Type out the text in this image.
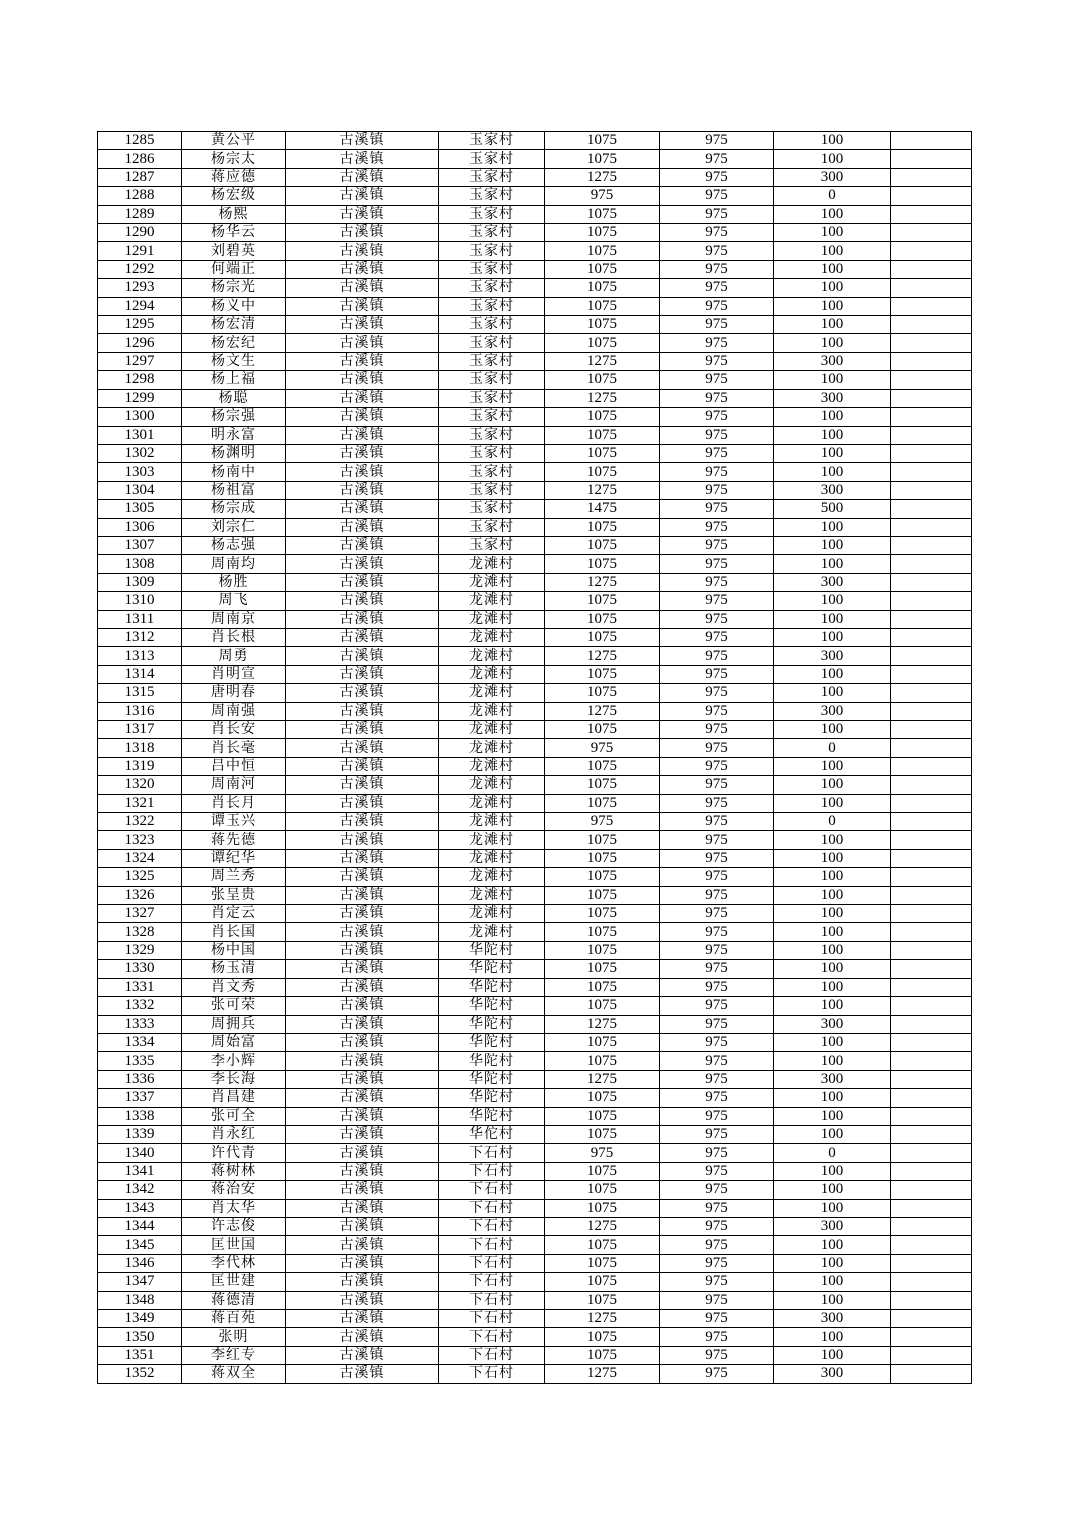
1285	黄公平	古溪镇	玉家村	1075	975	100	
1286	杨宗太	古溪镇	玉家村	1075	975	100	
1287	蒋应德	古溪镇	玉家村	1275	975	300	
1288	杨宏级	古溪镇	玉家村	975	975	0	
1289	杨熙	古溪镇	玉家村	1075	975	100	
1290	杨华云	古溪镇	玉家村	1075	975	100	
1291	刘碧英	古溪镇	玉家村	1075	975	100	
1292	何端正	古溪镇	玉家村	1075	975	100	
1293	杨宗光	古溪镇	玉家村	1075	975	100	
1294	杨义中	古溪镇	玉家村	1075	975	100	
1295	杨宏清	古溪镇	玉家村	1075	975	100	
1296	杨宏纪	古溪镇	玉家村	1075	975	100	
1297	杨文生	古溪镇	玉家村	1275	975	300	
1298	杨上福	古溪镇	玉家村	1075	975	100	
1299	杨聪	古溪镇	玉家村	1275	975	300	
1300	杨宗强	古溪镇	玉家村	1075	975	100	
1301	明永富	古溪镇	玉家村	1075	975	100	
1302	杨渊明	古溪镇	玉家村	1075	975	100	
1303	杨南中	古溪镇	玉家村	1075	975	100	
1304	杨祖富	古溪镇	玉家村	1275	975	300	
1305	杨宗成	古溪镇	玉家村	1475	975	500	
1306	刘宗仁	古溪镇	玉家村	1075	975	100	
1307	杨志强	古溪镇	玉家村	1075	975	100	
1308	周南均	古溪镇	龙滩村	1075	975	100	
1309	杨胜	古溪镇	龙滩村	1275	975	300	
1310	周飞	古溪镇	龙滩村	1075	975	100	
1311	周南京	古溪镇	龙滩村	1075	975	100	
1312	肖长根	古溪镇	龙滩村	1075	975	100	
1313	周勇	古溪镇	龙滩村	1275	975	300	
1314	肖明宣	古溪镇	龙滩村	1075	975	100	
1315	唐明春	古溪镇	龙滩村	1075	975	100	
1316	周南强	古溪镇	龙滩村	1275	975	300	
1317	肖长安	古溪镇	龙滩村	1075	975	100	
1318	肖长毫	古溪镇	龙滩村	975	975	0	
1319	吕中恒	古溪镇	龙滩村	1075	975	100	
1320	周南河	古溪镇	龙滩村	1075	975	100	
1321	肖长月	古溪镇	龙滩村	1075	975	100	
1322	谭玉兴	古溪镇	龙滩村	975	975	0	
1323	蒋先德	古溪镇	龙滩村	1075	975	100	
1324	谭纪华	古溪镇	龙滩村	1075	975	100	
1325	周兰秀	古溪镇	龙滩村	1075	975	100	
1326	张呈贵	古溪镇	龙滩村	1075	975	100	
1327	肖定云	古溪镇	龙滩村	1075	975	100	
1328	肖长国	古溪镇	龙滩村	1075	975	100	
1329	杨中国	古溪镇	华陀村	1075	975	100	
1330	杨玉清	古溪镇	华陀村	1075	975	100	
1331	肖文秀	古溪镇	华陀村	1075	975	100	
1332	张可荣	古溪镇	华陀村	1075	975	100	
1333	周拥兵	古溪镇	华陀村	1275	975	300	
1334	周始富	古溪镇	华陀村	1075	975	100	
1335	李小辉	古溪镇	华陀村	1075	975	100	
1336	李长海	古溪镇	华陀村	1275	975	300	
1337	肖昌建	古溪镇	华陀村	1075	975	100	
1338	张可全	古溪镇	华陀村	1075	975	100	
1339	肖永红	古溪镇	华佗村	1075	975	100	
1340	许代青	古溪镇	下石村	975	975	0	
1341	蒋树林	古溪镇	下石村	1075	975	100	
1342	蒋治安	古溪镇	下石村	1075	975	100	
1343	肖太华	古溪镇	下石村	1075	975	100	
1344	许志俊	古溪镇	下石村	1275	975	300	
1345	匡世国	古溪镇	下石村	1075	975	100	
1346	李代林	古溪镇	下石村	1075	975	100	
1347	匡世建	古溪镇	下石村	1075	975	100	
1348	蒋德清	古溪镇	下石村	1075	975	100	
1349	蒋百苑	古溪镇	下石村	1275	975	300	
1350	张明	古溪镇	下石村	1075	975	100	
1351	李红专	古溪镇	下石村	1075	975	100	
1352	蒋双全	古溪镇	下石村	1275	975	300	
